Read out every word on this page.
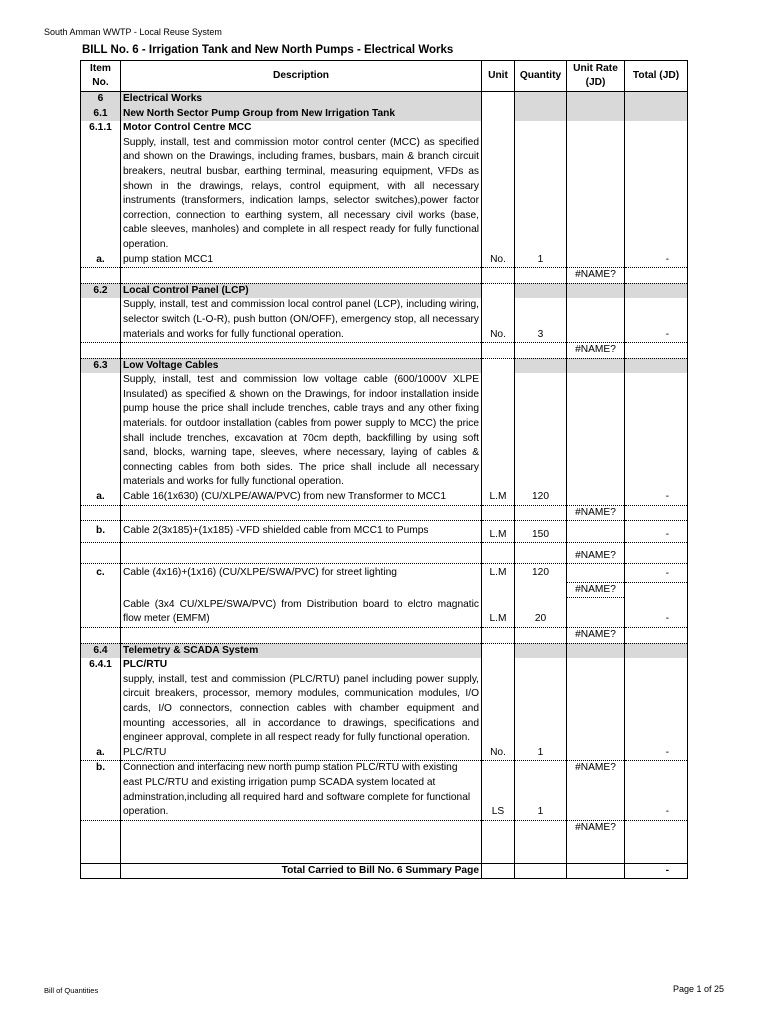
South Amman WWTP - Local Reuse System
BILL No. 6 - Irrigation Tank and New North Pumps - Electrical Works
Item No.	Description	Unit	Quantity	Unit Rate (JD)	Total (JD)
6	Electrical Works				
6.1	New North Sector Pump Group from New Irrigation Tank				
6.1.1	Motor Control Centre MCC				
	Supply, install, test and commission motor control center (MCC) as specified and shown on the Drawings, including frames, busbars, main & branch circuit breakers, neutral busbar, earthing terminal, measuring equipment, VFDs as shown in the drawings, relays, control equipment, with all necessary instruments (transformers, indication lamps, selector switches),power factor correction, connection to earthing system, all necessary civil works (base, cable sleeves, manholes) and complete in all respect ready for fully functional operation.				
a.	pump station MCC1	No.	1		-
				#NAME?	
6.2	Local Control Panel (LCP)				
	Supply, install, test and commission local control panel (LCP), including wiring, selector switch (L-O-R), push button (ON/OFF), emergency stop, all necessary materials and works for fully functional operation.	No.	3		-
				#NAME?	
6.3	Low Voltage Cables				
	Supply, install, test and commission low voltage cable (600/1000V XLPE Insulated) as specified & shown on the Drawings, for indoor installation inside pump house the price shall include trenches, cable trays and any other fixing materials. for outdoor installation (cables from power supply to MCC) the price shall include trenches, excavation at 70cm depth, backfilling by using soft sand, blocks, warning tape, sleeves, where necessary, laying of cables & connecting cables from both sides. The price shall include all necessary materials and works for fully functional operation.				
a.	Cable 16(1x630) (CU/XLPE/AWA/PVC) from new Transformer to MCC1	L.M	120		-
				#NAME?	
b.	Cable 2(3x185)+(1x185) -VFD shielded cable from MCC1 to Pumps	L.M	150		-
				#NAME?	
c.	Cable (4x16)+(1x16) (CU/XLPE/SWA/PVC) for street lighting	L.M	120		-
				#NAME?	
	Cable (3x4 CU/XLPE/SWA/PVC) from Distribution board to elctro magnatic flow meter (EMFM)	L.M	20		-
				#NAME?	
6.4	Telemetry & SCADA System				
6.4.1	PLC/RTU				
	supply, install, test and commission (PLC/RTU) panel including power supply, circuit breakers, processor, memory modules, communication modules, I/O cards, I/O connectors, connection cables with chamber equipment and mounting accessories, all in accordance to drawings, specifications and engineer approval, complete in all respect ready for fully functional operation.				
a.	PLC/RTU	No.	1		-
b.	Connection and interfacing new north pump station PLC/RTU with existing east PLC/RTU and existing irrigation pump SCADA system located at adminstration,including all required hard and software complete for functional operation.	LS	1	#NAME?	-
				#NAME?	
	Total Carried to Bill No. 6 Summary Page				-
Bill of Quantities	Page 1 of 25
